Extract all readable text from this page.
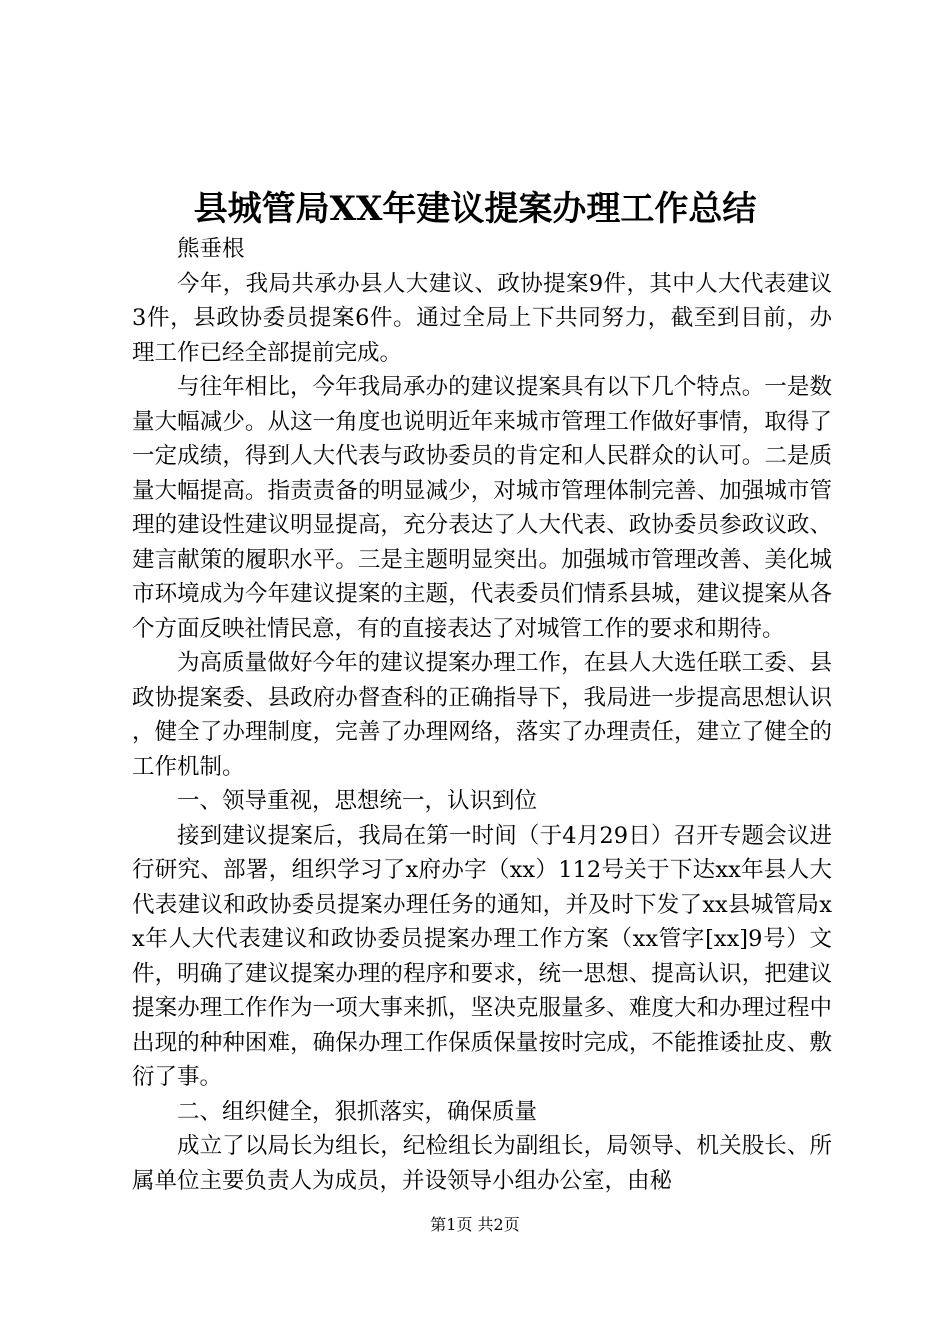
县城管局XX年建议提案办理工作总结

熊垂根

今年，我局共承办县人大建议、政协提案9件，其中人大代表建议3件，县政协委员提案6件。通过全局上下共同努力，截至到目前，办理工作已经全部提前完成。

与往年相比，今年我局承办的建议提案具有以下几个特点。一是数量大幅减少。从这一角度也说明近年来城市管理工作做好事情，取得了一定成绩，得到人大代表与政协委员的肯定和人民群众的认可。二是质量大幅提高。指责责备的明显减少，对城市管理体制完善、加强城市管理的建设性建议明显提高，充分表达了人大代表、政协委员参政议政、建言献策的履职水平。三是主题明显突出。加强城市管理改善、美化城市环境成为今年建议提案的主题，代表委员们情系县城，建议提案从各个方面反映社情民意，有的直接表达了对城管工作的要求和期待。

为高质量做好今年的建议提案办理工作，在县人大选任联工委、县政协提案委、县政府办督查科的正确指导下，我局进一步提高思想认识，健全了办理制度，完善了办理网络，落实了办理责任，建立了健全的工作机制。

一、领导重视，思想统一，认识到位

接到建议提案后，我局在第一时间（于4月29日）召开专题会议进行研究、部署，组织学习了x府办字（xx）112号关于下达xx年县人大代表建议和政协委员提案办理任务的通知，并及时下发了xx县城管局xx年人大代表建议和政协委员提案办理工作方案（xx管字[xx]9号）文件，明确了建议提案办理的程序和要求，统一思想、提高认识，把建议提案办理工作作为一项大事来抓，坚决克服量多、难度大和办理过程中出现的种种困难，确保办理工作保质保量按时完成，不能推诿扯皮、敷衍了事。

二、组织健全，狠抓落实，确保质量

成立了以局长为组长，纪检组长为副组长，局领导、机关股长、所属单位主要负责人为成员，并设领导小组办公室，由秘

第1页 共2页
